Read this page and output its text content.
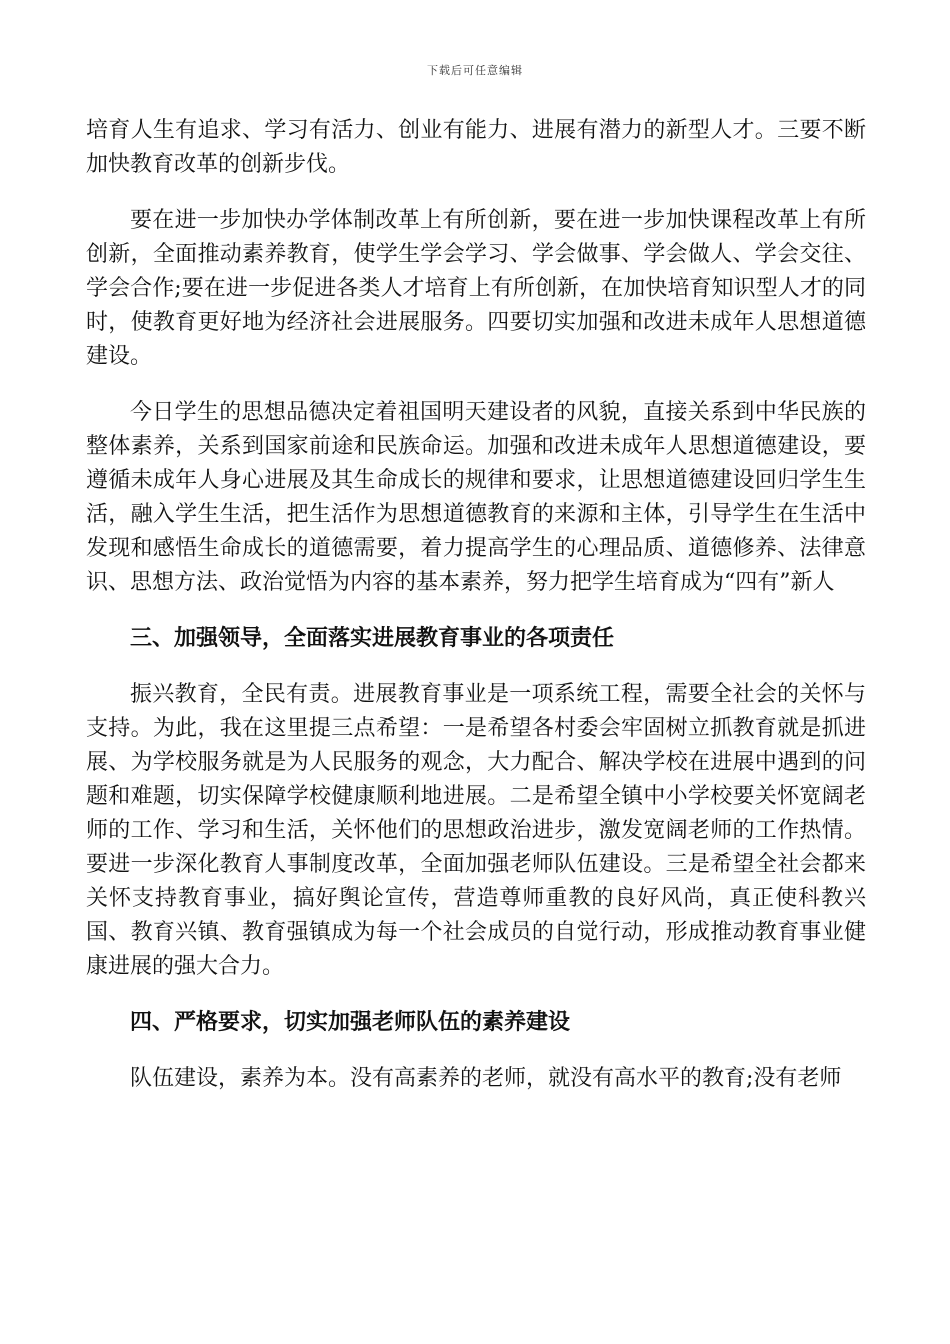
下载后可任意编辑

培育人生有追求、学习有活力、创业有能力、进展有潜力的新型人才。三要不断加快教育改革的创新步伐。

要在进一步加快办学体制改革上有所创新，要在进一步加快课程改革上有所创新，全面推动素养教育，使学生学会学习、学会做事、学会做人、学会交往、学会合作;要在进一步促进各类人才培育上有所创新，在加快培育知识型人才的同时，使教育更好地为经济社会进展服务。四要切实加强和改进未成年人思想道德建设。

今日学生的思想品德决定着祖国明天建设者的风貌，直接关系到中华民族的整体素养，关系到国家前途和民族命运。加强和改进未成年人思想道德建设，要遵循未成年人身心进展及其生命成长的规律和要求，让思想道德建设回归学生生活，融入学生生活，把生活作为思想道德教育的来源和主体，引导学生在生活中发现和感悟生命成长的道德需要，着力提高学生的心理品质、道德修养、法律意识、思想方法、政治觉悟为内容的基本素养，努力把学生培育成为“四有”新人

三、加强领导，全面落实进展教育事业的各项责任

振兴教育，全民有责。进展教育事业是一项系统工程，需要全社会的关怀与支持。为此，我在这里提三点希望：一是希望各村委会牢固树立抓教育就是抓进展、为学校服务就是为人民服务的观念，大力配合、解决学校在进展中遇到的问题和难题，切实保障学校健康顺利地进展。二是希望全镇中小学校要关怀宽阔老师的工作、学习和生活，关怀他们的思想政治进步，激发宽阔老师的工作热情。要进一步深化教育人事制度改革，全面加强老师队伍建设。三是希望全社会都来关怀支持教育事业，搞好舆论宣传，营造尊师重教的良好风尚，真正使科教兴国、教育兴镇、教育强镇成为每一个社会成员的自觉行动，形成推动教育事业健康进展的强大合力。

四、严格要求，切实加强老师队伍的素养建设

队伍建设，素养为本。没有高素养的老师，就没有高水平的教育;没有老师
